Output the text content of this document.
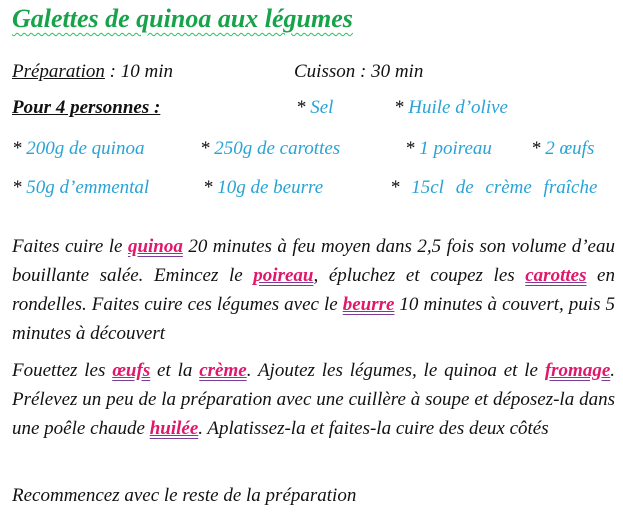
Galettes de quinoa aux légumes
Préparation : 10 min	Cuisson : 30 min
Pour 4 personnes :	* Sel	* Huile d’olive
* 200g de quinoa	* 250g de carottes	* 1 poireau * 2 œufs
* 50g d’emmental	* 10g de beurre	* 15cl de crème fraîche

Faites cuire le quinoa 20 minutes à feu moyen dans 2,5 fois son volume d’eau bouillante salée. Emincez le poireau, épluchez et coupez les carottes en rondelles. Faites cuire ces légumes avec le beurre 10 minutes à couvert, puis 5 minutes à découvert

Fouettez les œufs et la crème. Ajoutez les légumes, le quinoa et le fromage. Prélevez un peu de la préparation avec une cuillère à soupe et déposez-la dans une poêle chaude huilée. Aplatissez-la et faites-la cuire des deux côtés

Recommencez avec le reste de la préparation
